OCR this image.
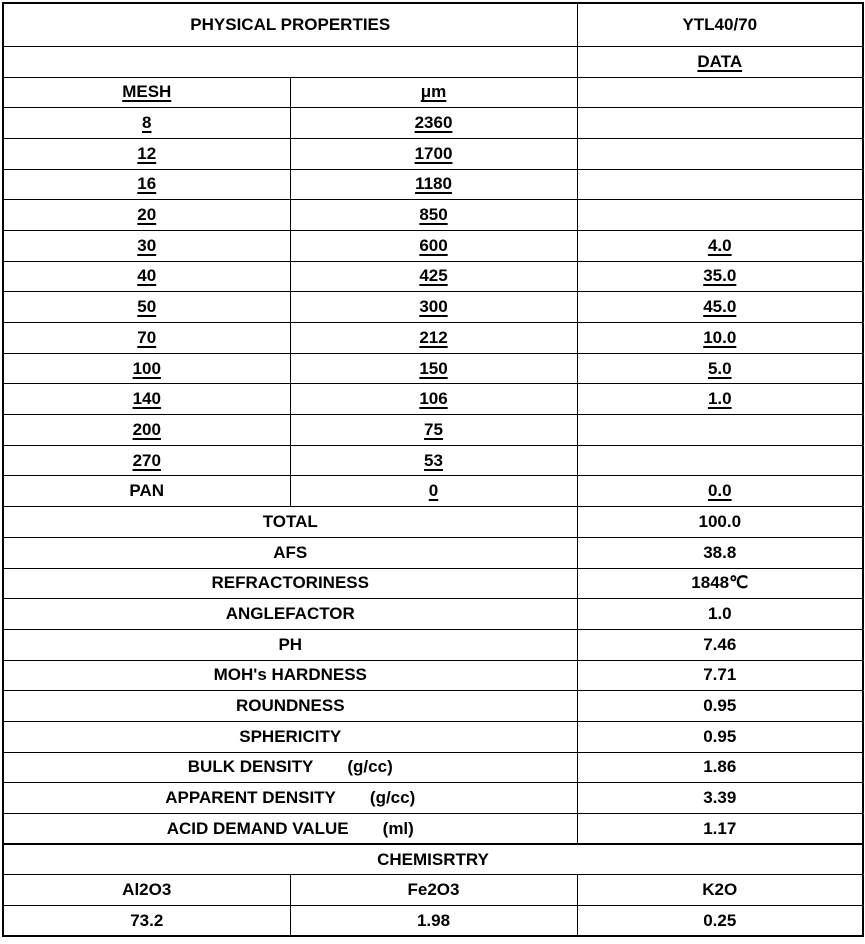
PHYSICAL PROPERTIES		YTL40/70
		DATA
MESH	μm	
8	2360	
12	1700	
16	1180	
20	850	
30	600	4.0
40	425	35.0
50	300	45.0
70	212	10.0
100	150	5.0
140	106	1.0
200	75	
270	53	
PAN	0	0.0
TOTAL		100.0
AFS		38.8
REFRACTORINESS		1848℃
ANGLEFACTOR		1.0
PH		7.46
MOH's HARDNESS		7.71
ROUNDNESS		0.95
SPHERICITY		0.95
BULK DENSITY (g/cc)		1.86
APPARENT DENSITY (g/cc)		3.39
ACID DEMAND VALUE (ml)		1.17
CHEMISRTRY		
Al2O3	Fe2O3	K2O
73.2	1.98	0.25
